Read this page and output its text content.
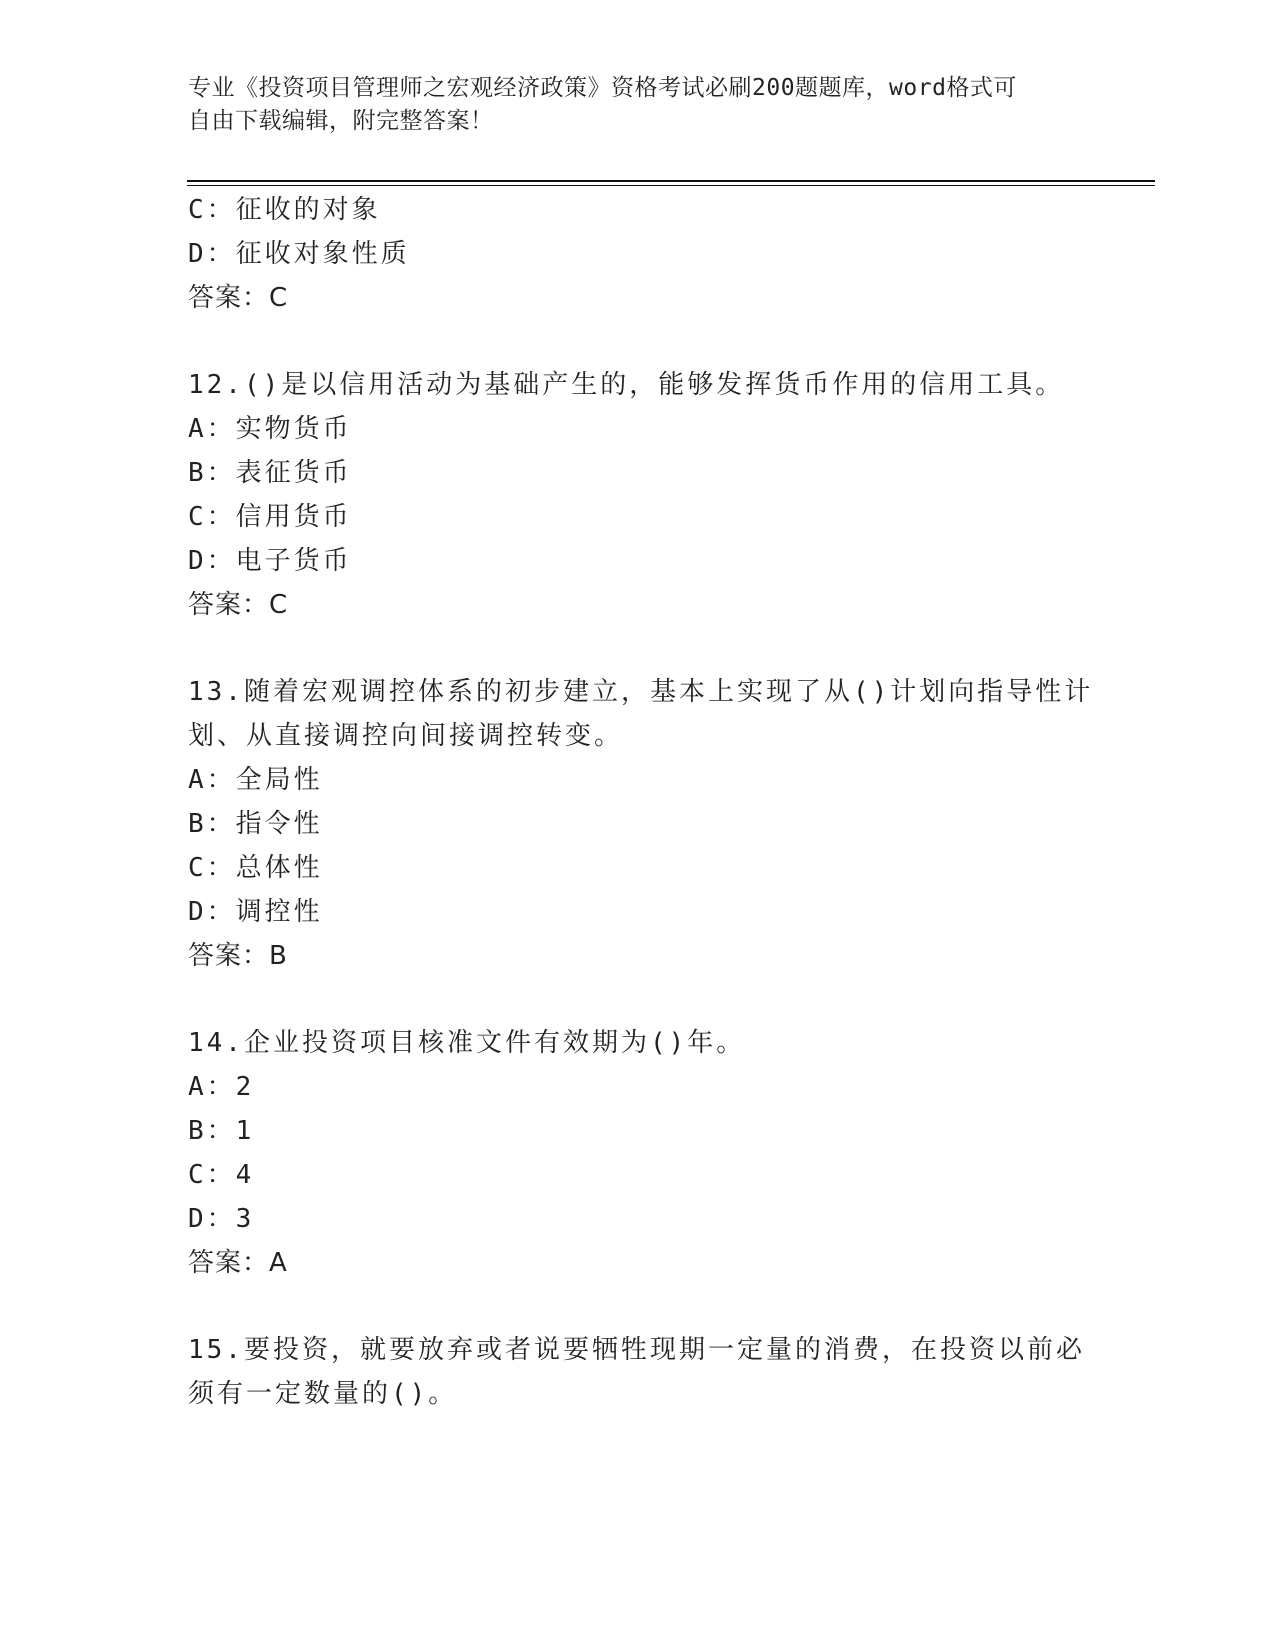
专业《投资项目管理师之宏观经济政策》资格考试必刷200题题库，word格式可
自由下载编辑，附完整答案！
C：征收的对象
D：征收对象性质
答案：C
12.()是以信用活动为基础产生的，能够发挥货币作用的信用工具。
A：实物货币
B：表征货币
C：信用货币
D：电子货币
答案：C
13.随着宏观调控体系的初步建立，基本上实现了从()计划向指导性计
划、从直接调控向间接调控转变。
A：全局性
B：指令性
C：总体性
D：调控性
答案：B
14.企业投资项目核准文件有效期为()年。
A：2
B：1
C：4
D：3
答案：A
15.要投资，就要放弃或者说要牺牲现期一定量的消费，在投资以前必
须有一定数量的()。
